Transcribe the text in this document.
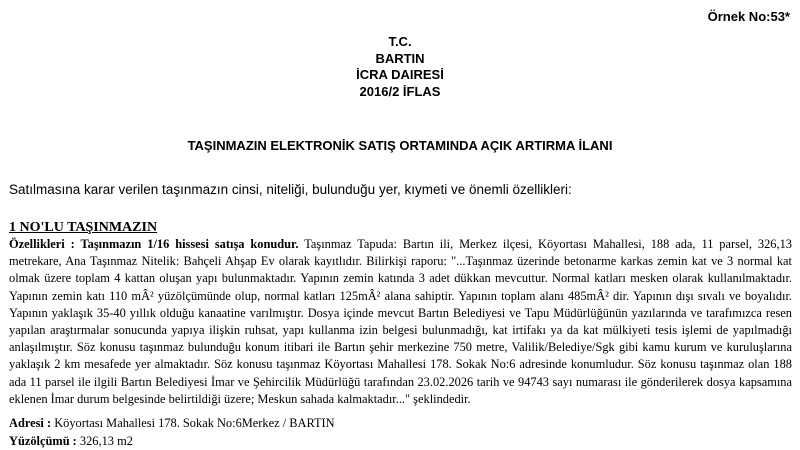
Örnek No:53*
T.C.
BARTIN
İCRA DAIRESİ
2016/2 İFLAS
TAŞINMAZIN ELEKTRONİK SATIŞ ORTAMINDA AÇIK ARTIRMA İLANI
Satılmasına karar verilen taşınmazın cinsi, niteliği, bulunduğu yer, kıymeti ve önemli özellikleri:
1 NO'LU TAŞINMAZIN
Özellikleri : Taşınmazın 1/16 hissesi satışa konudur. Taşınmaz Tapuda: Bartın ili, Merkez ilçesi, Köyortası Mahallesi, 188 ada, 11 parsel, 326,13 metrekare, Ana Taşınmaz Nitelik: Bahçeli Ahşap Ev olarak kayıtlıdır. Bilirkişi raporu: "...Taşınmaz üzerinde betonarme karkas zemin kat ve 3 normal kat olmak üzere toplam 4 kattan oluşan yapı bulunmaktadır. Yapının zemin katında 3 adet dükkan mevcuttur. Normal katları mesken olarak kullanılmaktadır. Yapının zemin katı 110 mÂ² yüzölçümünde olup, normal katları 125mÂ² alana sahiptir. Yapının toplam alanı 485mÂ² dir. Yapının dışı sıvalı ve boyalıdır. Yapının yaklaşık 35-40 yıllık olduğu kanaatine varılmıştır. Dosya içinde mevcut Bartın Belediyesi ve Tapu Müdürlüğünün yazılarında ve tarafımızca resen yapılan araştırmalar sonucunda yapıya ilişkin ruhsat, yapı kullanma izin belgesi bulunmadığı, kat irtifakı ya da kat mülkiyeti tesis işlemi de yapılmadığı anlaşılmıştır. Söz konusu taşınmaz bulunduğu konum itibari ile Bartın şehir merkezine 750 metre, Valilik/Belediye/Sgk gibi kamu kurum ve kuruluşlarına yaklaşık 2 km mesafede yer almaktadır. Söz konusu taşınmaz Köyortası Mahallesi 178. Sokak No:6 adresinde konumludur. Söz konusu taşınmaz olan 188 ada 11 parsel ile ilgili Bartın Belediyesi İmar ve Şehircilik Müdürlüğü tarafından 23.02.2026 tarih ve 94743 sayı numarası ile gönderilerek dosya kapsamına eklenen İmar durum belgesinde belirtildiği üzere; Meskun sahada kalmaktadır..." şeklindedir.
Adresi : Köyortası Mahallesi 178. Sokak No:6Merkez / BARTIN
Yüzölçümü : 326,13 m2
